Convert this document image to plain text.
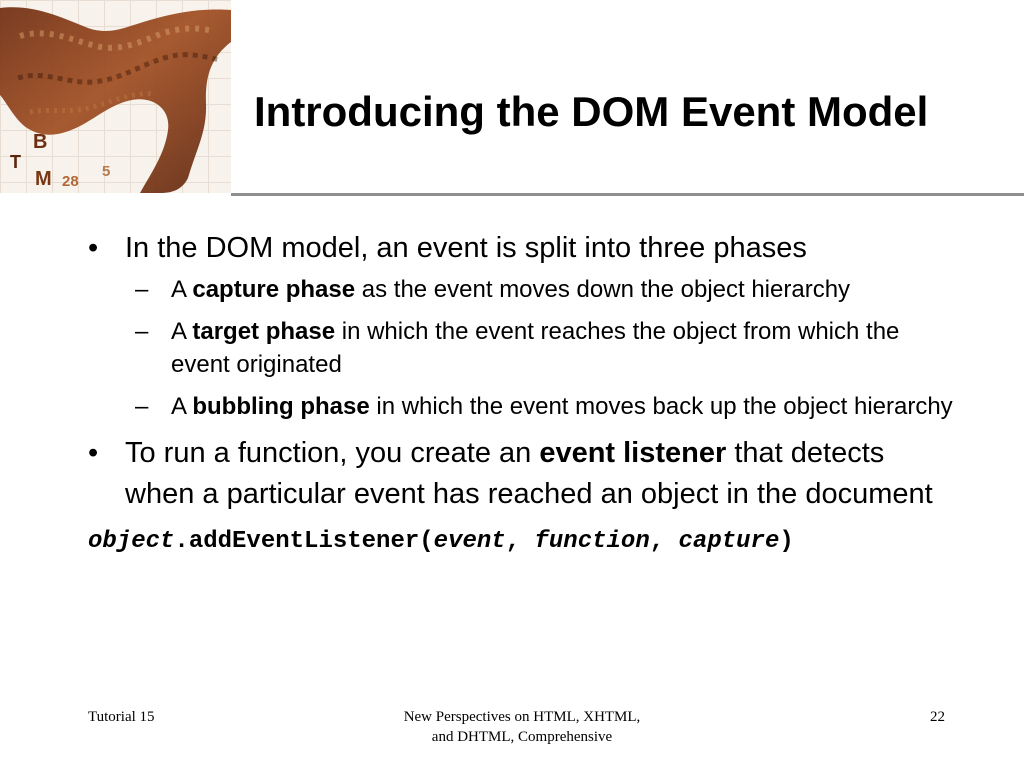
B
T
M 28
5
Introducing the DOM Event Model
• In the DOM model, an event is split into three phases
– A capture phase as the event moves down the object hierarchy
– A target phase in which the event reaches the object from which the event originated
– A bubbling phase in which the event moves back up the object hierarchy
• To run a function, you create an event listener that detects when a particular event has reached an object in the document
object.addEventListener(event, function, capture)
Tutorial 15	New Perspectives on HTML, XHTML,
and DHTML, Comprehensive
22
